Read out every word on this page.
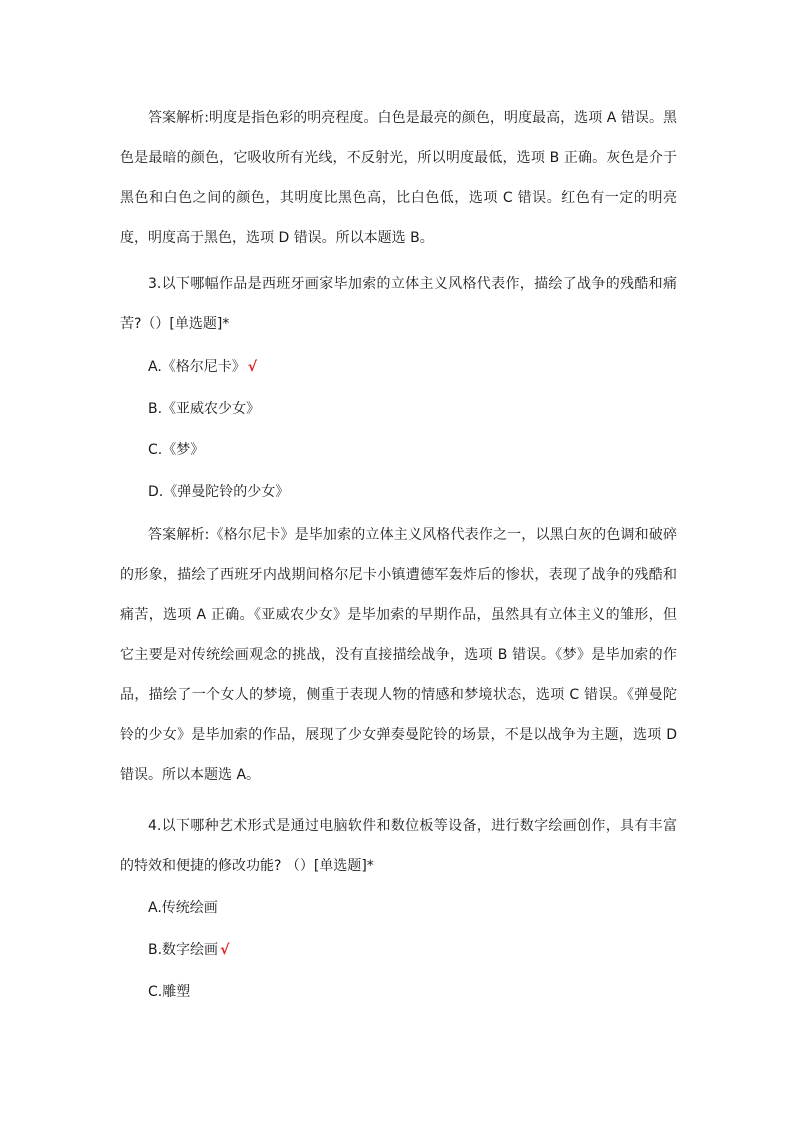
答案解析:明度是指色彩的明亮程度。白色是最亮的颜色，明度最高，选项 A 错误。黑色是最暗的颜色，它吸收所有光线，不反射光，所以明度最低，选项 B 正确。灰色是介于黑色和白色之间的颜色，其明度比黑色高，比白色低，选项 C 错误。红色有一定的明亮度，明度高于黑色，选项 D 错误。所以本题选 B。

3.以下哪幅作品是西班牙画家毕加索的立体主义风格代表作，描绘了战争的残酷和痛苦?（）[单选题]*

A.《格尔尼卡》 √
B.《亚威农少女》
C.《梦》
D.《弹曼陀铃的少女》

答案解析:《格尔尼卡》是毕加索的立体主义风格代表作之一，以黑白灰的色调和破碎的形象，描绘了西班牙内战期间格尔尼卡小镇遭德军轰炸后的惨状，表现了战争的残酷和痛苦，选项 A 正确。《亚威农少女》是毕加索的早期作品，虽然具有立体主义的雏形，但它主要是对传统绘画观念的挑战，没有直接描绘战争，选项 B 错误。《梦》是毕加索的作品，描绘了一个女人的梦境，侧重于表现人物的情感和梦境状态，选项 C 错误。《弹曼陀铃的少女》是毕加索的作品，展现了少女弹奏曼陀铃的场景，不是以战争为主题，选项 D 错误。所以本题选 A。

4.以下哪种艺术形式是通过电脑软件和数位板等设备，进行数字绘画创作，具有丰富的特效和便捷的修改功能? （）[单选题]*

A.传统绘画
B.数字绘画 √
C.雕塑
